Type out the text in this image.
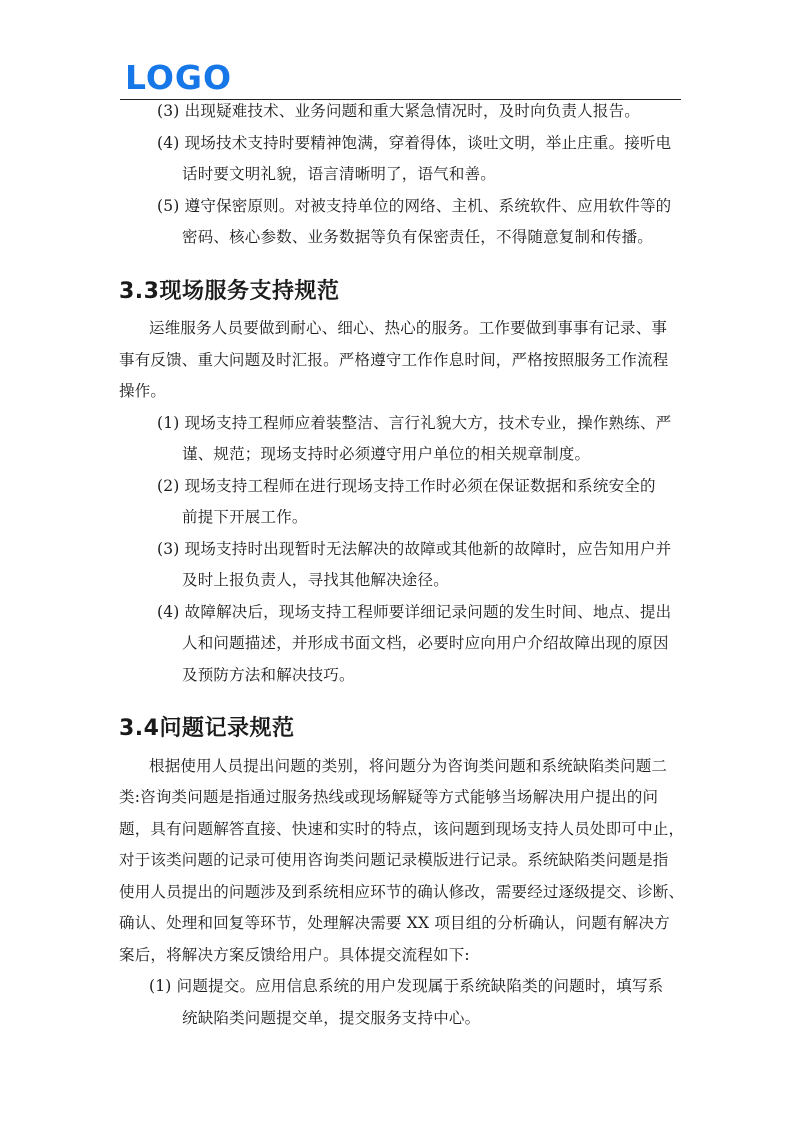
LOGO
(3) 出现疑难技术、业务问题和重大紧急情况时，及时向负责人报告。
(4) 现场技术支持时要精神饱满，穿着得体，谈吐文明，举止庄重。接听电
话时要文明礼貌，语言清晰明了，语气和善。
(5) 遵守保密原则。对被支持单位的网络、主机、系统软件、应用软件等的
密码、核心参数、业务数据等负有保密责任，不得随意复制和传播。
3.3现场服务支持规范
运维服务人员要做到耐心、细心、热心的服务。工作要做到事事有记录、事
事有反馈、重大问题及时汇报。严格遵守工作作息时间，严格按照服务工作流程
操作。
(1) 现场支持工程师应着装整洁、言行礼貌大方，技术专业，操作熟练、严
谨、规范；现场支持时必须遵守用户单位的相关规章制度。
(2) 现场支持工程师在进行现场支持工作时必须在保证数据和系统安全的
前提下开展工作。
(3) 现场支持时出现暂时无法解决的故障或其他新的故障时，应告知用户并
及时上报负责人，寻找其他解决途径。
(4) 故障解决后，现场支持工程师要详细记录问题的发生时间、地点、提出
人和问题描述，并形成书面文档，必要时应向用户介绍故障出现的原因
及预防方法和解决技巧。
3.4问题记录规范
根据使用人员提出问题的类别，将问题分为咨询类问题和系统缺陷类问题二
类:咨询类问题是指通过服务热线或现场解疑等方式能够当场解决用户提出的问
题，具有问题解答直接、快速和实时的特点，该问题到现场支持人员处即可中止，
对于该类问题的记录可使用咨询类问题记录模版进行记录。系统缺陷类问题是指
使用人员提出的问题涉及到系统相应环节的确认修改，需要经过逐级提交、诊断、
确认、处理和回复等环节，处理解决需要 XX 项目组的分析确认，问题有解决方
案后，将解决方案反馈给用户。具体提交流程如下:
(1) 问题提交。应用信息系统的用户发现属于系统缺陷类的问题时，填写系
统缺陷类问题提交单，提交服务支持中心。
